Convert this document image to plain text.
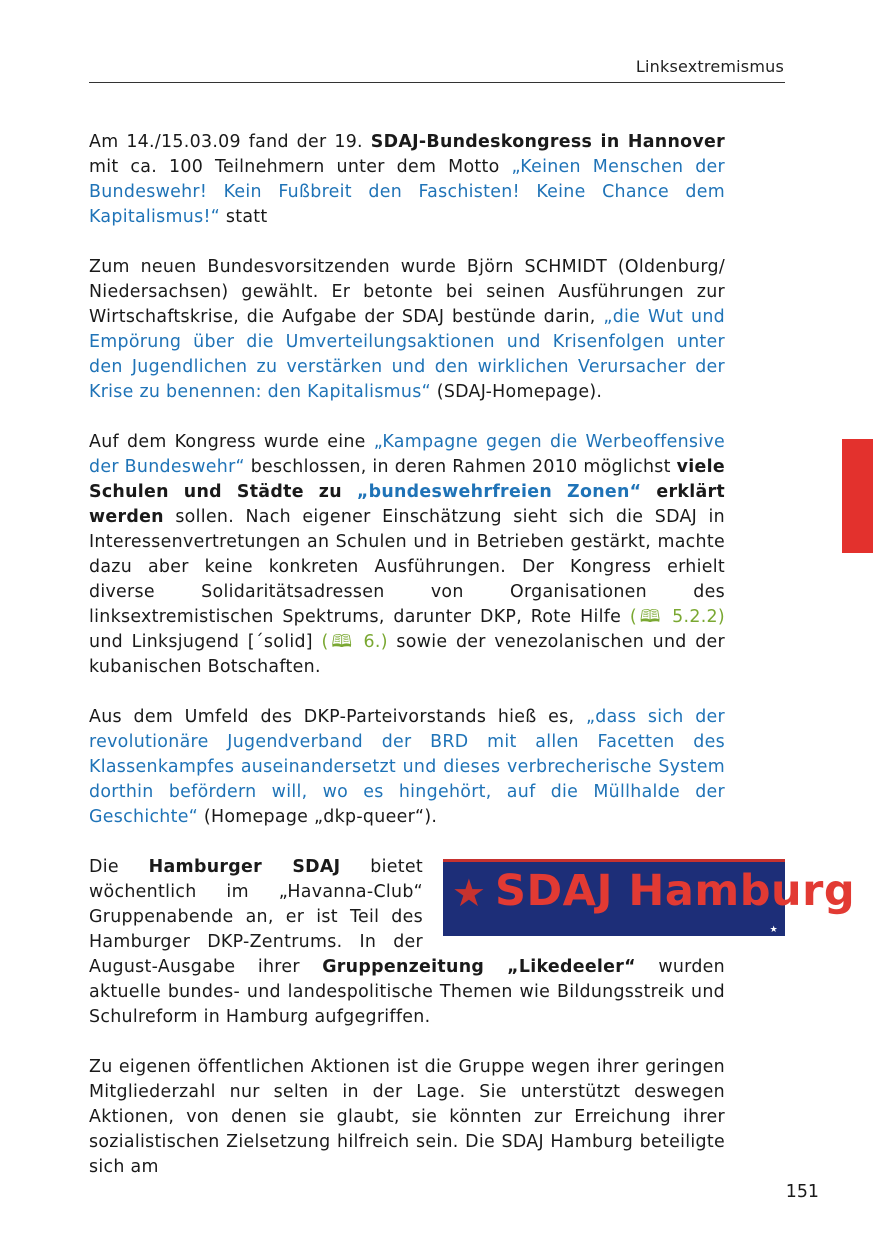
Linksextremismus

Am 14./15.03.09 fand der 19. SDAJ-Bundeskongress in Hannover mit ca. 100 Teilnehmern unter dem Motto „Keinen Menschen der Bundeswehr! Kein Fußbreit den Faschisten! Keine Chance dem Kapitalismus!“ statt

Zum neuen Bundesvorsitzenden wurde Björn SCHMIDT (Oldenburg/ Niedersachsen) gewählt. Er betonte bei seinen Ausführungen zur Wirtschaftskrise, die Aufgabe der SDAJ bestünde darin, „die Wut und Empörung über die Umverteilungsaktionen und Krisenfolgen unter den Jugendlichen zu verstärken und den wirklichen Verursacher der Krise zu benennen: den Kapitalismus“ (SDAJ-Homepage).

Auf dem Kongress wurde eine „Kampagne gegen die Werbeoffensive der Bundeswehr“ beschlossen, in deren Rahmen 2010 möglichst viele Schulen und Städte zu „bundeswehrfreien Zonen“ erklärt werden sollen. Nach eigener Einschätzung sieht sich die SDAJ in Interessenvertretungen an Schulen und in Betrieben gestärkt, machte dazu aber keine konkreten Ausführungen. Der Kongress erhielt diverse Solidaritätsadressen von Organisationen des linksextremistischen Spektrums, darunter DKP, Rote Hilfe (🕮 5.2.2) und Linksjugend [´solid] (🕮 6.) sowie der venezolanischen und der kubanischen Botschaften.

Aus dem Umfeld des DKP-Parteivorstands hieß es, „dass sich der revolutionäre Jugendverband der BRD mit allen Facetten des Klassenkampfes auseinandersetzt und dieses verbrecherische System dorthin befördern will, wo es hingehört, auf die Müllhalde der Geschichte“ (Homepage „dkp-queer“).

★ SDAJ Hamburg
★
Die Hamburger SDAJ bietet wöchentlich im „Havanna-Club“ Gruppenabende an, er ist Teil des Hamburger DKP-Zentrums. In der August-Ausgabe ihrer Gruppenzeitung „Likedeeler“ wurden aktuelle bundes- und landespolitische Themen wie Bildungsstreik und Schulreform in Hamburg aufgegriffen.

Zu eigenen öffentlichen Aktionen ist die Gruppe wegen ihrer geringen Mitgliederzahl nur selten in der Lage. Sie unterstützt deswegen Aktionen, von denen sie glaubt, sie könnten zur Erreichung ihrer sozialistischen Zielsetzung hilfreich sein. Die SDAJ Hamburg beteiligte sich am

151
